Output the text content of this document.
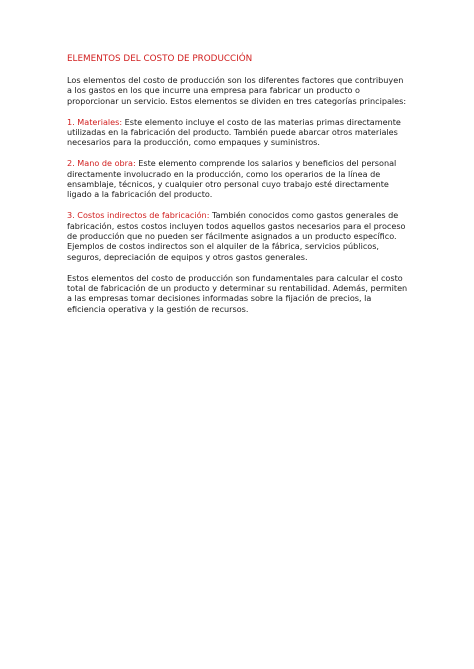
ELEMENTOS DEL COSTO DE PRODUCCIÓN

Los elementos del costo de producción son los diferentes factores que contribuyen a los gastos en los que incurre una empresa para fabricar un producto o proporcionar un servicio. Estos elementos se dividen en tres categorías principales:

1. Materiales: Este elemento incluye el costo de las materias primas directamente utilizadas en la fabricación del producto. También puede abarcar otros materiales necesarios para la producción, como empaques y suministros.

2. Mano de obra: Este elemento comprende los salarios y beneficios del personal directamente involucrado en la producción, como los operarios de la línea de ensamblaje, técnicos, y cualquier otro personal cuyo trabajo esté directamente ligado a la fabricación del producto.

3. Costos indirectos de fabricación: También conocidos como gastos generales de fabricación, estos costos incluyen todos aquellos gastos necesarios para el proceso de producción que no pueden ser fácilmente asignados a un producto específico. Ejemplos de costos indirectos son el alquiler de la fábrica, servicios públicos, seguros, depreciación de equipos y otros gastos generales.

Estos elementos del costo de producción son fundamentales para calcular el costo total de fabricación de un producto y determinar su rentabilidad. Además, permiten a las empresas tomar decisiones informadas sobre la fijación de precios, la eficiencia operativa y la gestión de recursos.
